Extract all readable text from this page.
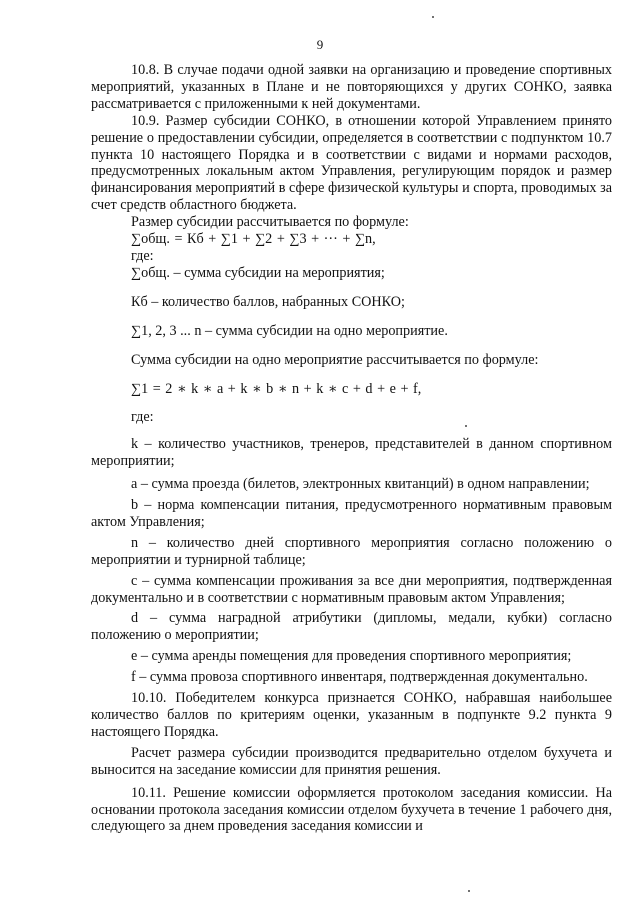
9

10.8. В случае подачи одной заявки на организацию и проведение спортивных мероприятий, указанных в Плане и не повторяющихся у других СОНКО, заявка рассматривается с приложенными к ней документами.

10.9. Размер субсидии СОНКО, в отношении которой Управлением принято решение о предоставлении субсидии, определяется в соответствии с подпунктом 10.7 пункта 10 настоящего Порядка и в соответствии с видами и нормами расходов, предусмотренных локальным актом Управления, регулирующим порядок и размер финансирования мероприятий в сфере физической культуры и спорта, проводимых за счет средств областного бюджета.

Размер субсидии рассчитывается по формуле:

∑общ. = Кб + ∑1 + ∑2 + ∑3 + ··· + ∑n,

где:

∑общ. – сумма субсидии на мероприятия;

Кб – количество баллов, набранных СОНКО;

∑1, 2, 3 ... n – сумма субсидии на одно мероприятие.

Сумма субсидии на одно мероприятие рассчитывается по формуле:

∑1 = 2 ∗ k ∗ a + k ∗ b ∗ n + k ∗ c + d + e + f,

где:

k – количество участников, тренеров, представителей в данном спортивном мероприятии;

a – сумма проезда (билетов, электронных квитанций) в одном направлении;

b – норма компенсации питания, предусмотренного нормативным правовым актом Управления;

n – количество дней спортивного мероприятия согласно положению о мероприятии и турнирной таблице;

c – сумма компенсации проживания за все дни мероприятия, подтвержденная документально и в соответствии с нормативным правовым актом Управления;

d – сумма наградной атрибутики (дипломы, медали, кубки) согласно положению о мероприятии;

e – сумма аренды помещения для проведения спортивного мероприятия;

f – сумма провоза спортивного инвентаря, подтвержденная документально.

10.10. Победителем конкурса признается СОНКО, набравшая наибольшее количество баллов по критериям оценки, указанным в подпункте 9.2 пункта 9 настоящего Порядка.

Расчет размера субсидии производится предварительно отделом бухучета и выносится на заседание комиссии для принятия решения.

10.11. Решение комиссии оформляется протоколом заседания комиссии. На основании протокола заседания комиссии отделом бухучета в течение 1 рабочего дня, следующего за днем проведения заседания комиссии и
